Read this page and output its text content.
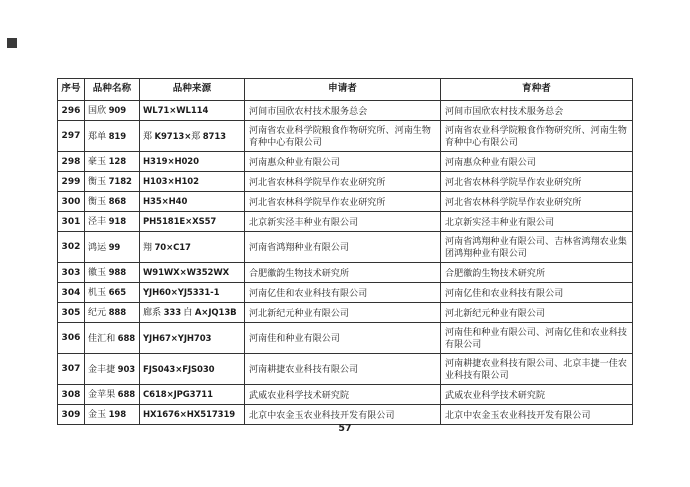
序号	品种名称	品种来源	申请者	育种者
296	国欣 909	WL71×WL114	河间市国欣农村技术服务总会	河间市国欣农村技术服务总会
297	郑单 819	郑 K9713×郑 8713	河南省农业科学院粮食作物研究所、河南生物育种中心有限公司	河南省农业科学院粮食作物研究所、河南生物育种中心有限公司
298	豪玉 128	H319×H020	河南惠众种业有限公司	河南惠众种业有限公司
299	衡玉 7182	H103×H102	河北省农林科学院旱作农业研究所	河北省农林科学院旱作农业研究所
300	衡玉 868	H35×H40	河北省农林科学院旱作农业研究所	河北省农林科学院旱作农业研究所
301	泾丰 918	PH5181E×XS57	北京新实泾丰种业有限公司	北京新实泾丰种业有限公司
302	鸿运 99	翔 70×C17	河南省鸿翔种业有限公司	河南省鸿翔种业有限公司、吉林省鸿翔农业集团鸿翔种业有限公司
303	徽玉 988	W91WX×W352WX	合肥徽韵生物技术研究所	合肥徽韵生物技术研究所
304	机玉 665	YJH60×YJ5331-1	河南亿佳和农业科技有限公司	河南亿佳和农业科技有限公司
305	纪元 888	廊系 333 白 A×JQ13B	河北新纪元种业有限公司	河北新纪元种业有限公司
306	佳汇和 688	YJH67×YJH703	河南佳和种业有限公司	河南佳和种业有限公司、河南亿佳和农业科技有限公司
307	金丰捷 903	FJS043×FJS030	河南耕捷农业科技有限公司	河南耕捷农业科技有限公司、北京丰捷一佳农业科技有限公司
308	金苹果 688	C618×JPG3711	武威农业科学技术研究院	武威农业科学技术研究院
309	金玉 198	HX1676×HX517319	北京中农金玉农业科技开发有限公司	北京中农金玉农业科技开发有限公司
57
